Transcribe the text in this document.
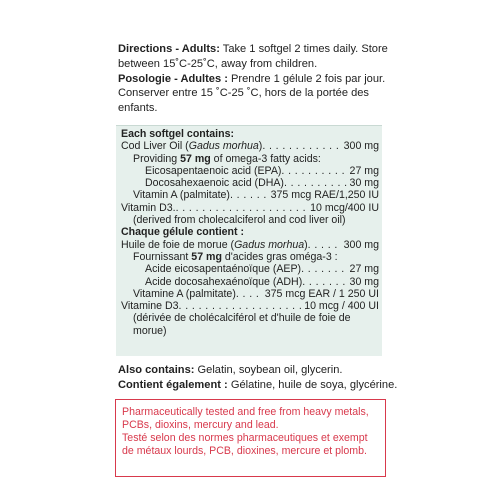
Directions - Adults: Take 1 softgel 2 times daily. Store between 15˚C-25˚C, away from children.

Posologie - Adultes : Prendre 1 gélule 2 fois par jour. Conserver entre 15 ˚C-25 ˚C, hors de la portée des enfants.

Each softgel contains:
Cod Liver Oil (Gadus morhua) . . .	300 mg
Providing 57 mg of omega-3 fatty acids:
Eicosapentaenoic acid (EPA) . . .	27 mg
Docosahexaenoic acid (DHA) . . .	30 mg
Vitamin A (palmitate) . . .	375 mcg RAE/1,250 IU
Vitamin D3. . . .	10 mcg/400 IU
(derived from cholecalciferol and cod liver oil)
Chaque gélule contient :
Huile de foie de morue (Gadus morhua) . . .	300 mg
Fournissant 57 mg d'acides gras oméga-3 :
Acide eicosapentaénoïque (AEP) . . .	27 mg
Acide docosahexaénoïque (ADH) . . .	30 mg
Vitamine A (palmitate) . . .	375 mcg EAR / 1 250 UI
Vitamine D3 . . .	10 mcg / 400 UI
(dérivée de cholécalciférol et d'huile de foie de morue)

Also contains: Gelatin, soybean oil, glycerin.

Contient également : Gélatine, huile de soya, glycérine.

Pharmaceutically tested and free from heavy metals, PCBs, dioxins, mercury and lead.

Testé selon des normes pharmaceutiques et exempt de métaux lourds, PCB, dioxines, mercure et plomb.
